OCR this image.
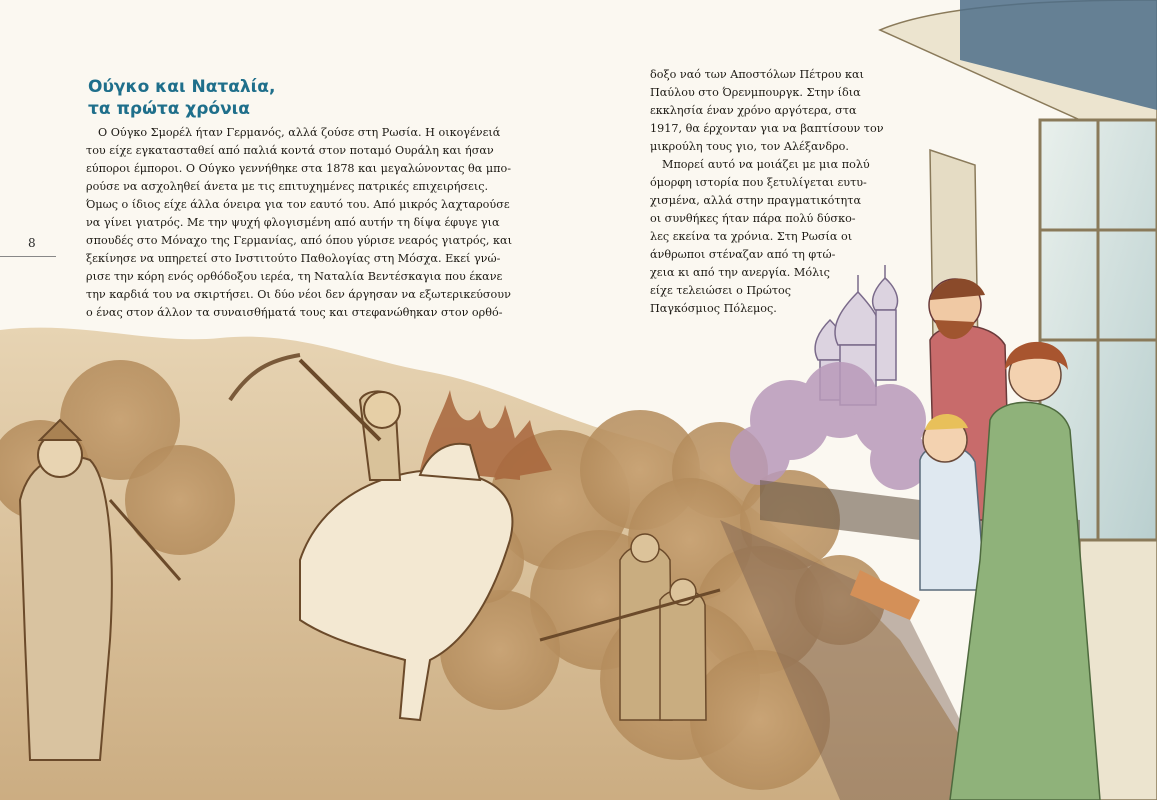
Ούγκο και Ναταλία,
τα πρώτα χρόνια
Ο Ούγκο Σμορέλ ήταν Γερμανός, αλλά ζούσε στη Ρωσία. Η οικογένειά
του είχε εγκατασταθεί από παλιά κοντά στον ποταμό Ουράλη και ήσαν
εύποροι έμποροι. Ο Ούγκο γεννήθηκε στα 1878 και μεγαλώνοντας θα μπο-
ρούσε να ασχοληθεί άνετα με τις επιτυχημένες πατρικές επιχειρήσεις.
Όμως ο ίδιος είχε άλλα όνειρα για τον εαυτό του. Από μικρός λαχταρούσε
να γίνει γιατρός. Με την ψυχή φλογισμένη από αυτήν τη δίψα έφυγε για
σπουδές στο Μόναχο της Γερμανίας, από όπου γύρισε νεαρός γιατρός, και
ξεκίνησε να υπηρετεί στο Ινστιτούτο Παθολογίας στη Μόσχα. Εκεί γνώ-
ρισε την κόρη ενός ορθόδοξου ιερέα, τη Ναταλία Βεντέσκαγια που έκανε
την καρδιά του να σκιρτήσει. Οι δύο νέοι δεν άργησαν να εξωτερικεύσουν
ο ένας στον άλλον τα συναισθήματά τους και στεφανώθηκαν στον ορθό-
δοξο ναό των Αποστόλων Πέτρου και
Παύλου στο Όρενμπουργκ. Στην ίδια
εκκλησία έναν χρόνο αργότερα, στα
1917, θα έρχονταν για να βαπτίσουν τον
μικρούλη τους γιο, τον Αλέξανδρο.
Μπορεί αυτό να μοιάζει με μια πολύ
όμορφη ιστορία που ξετυλίγεται ευτυ-
χισμένα, αλλά στην πραγματικότητα
οι συνθήκες ήταν πάρα πολύ δύσκο-
λες εκείνα τα χρόνια. Στη Ρωσία οι
άνθρωποι στέναζαν από τη φτώ-
χεια κι από την ανεργία. Μόλις
είχε τελειώσει ο Πρώτος
Παγκόσμιος Πόλεμος.
8
